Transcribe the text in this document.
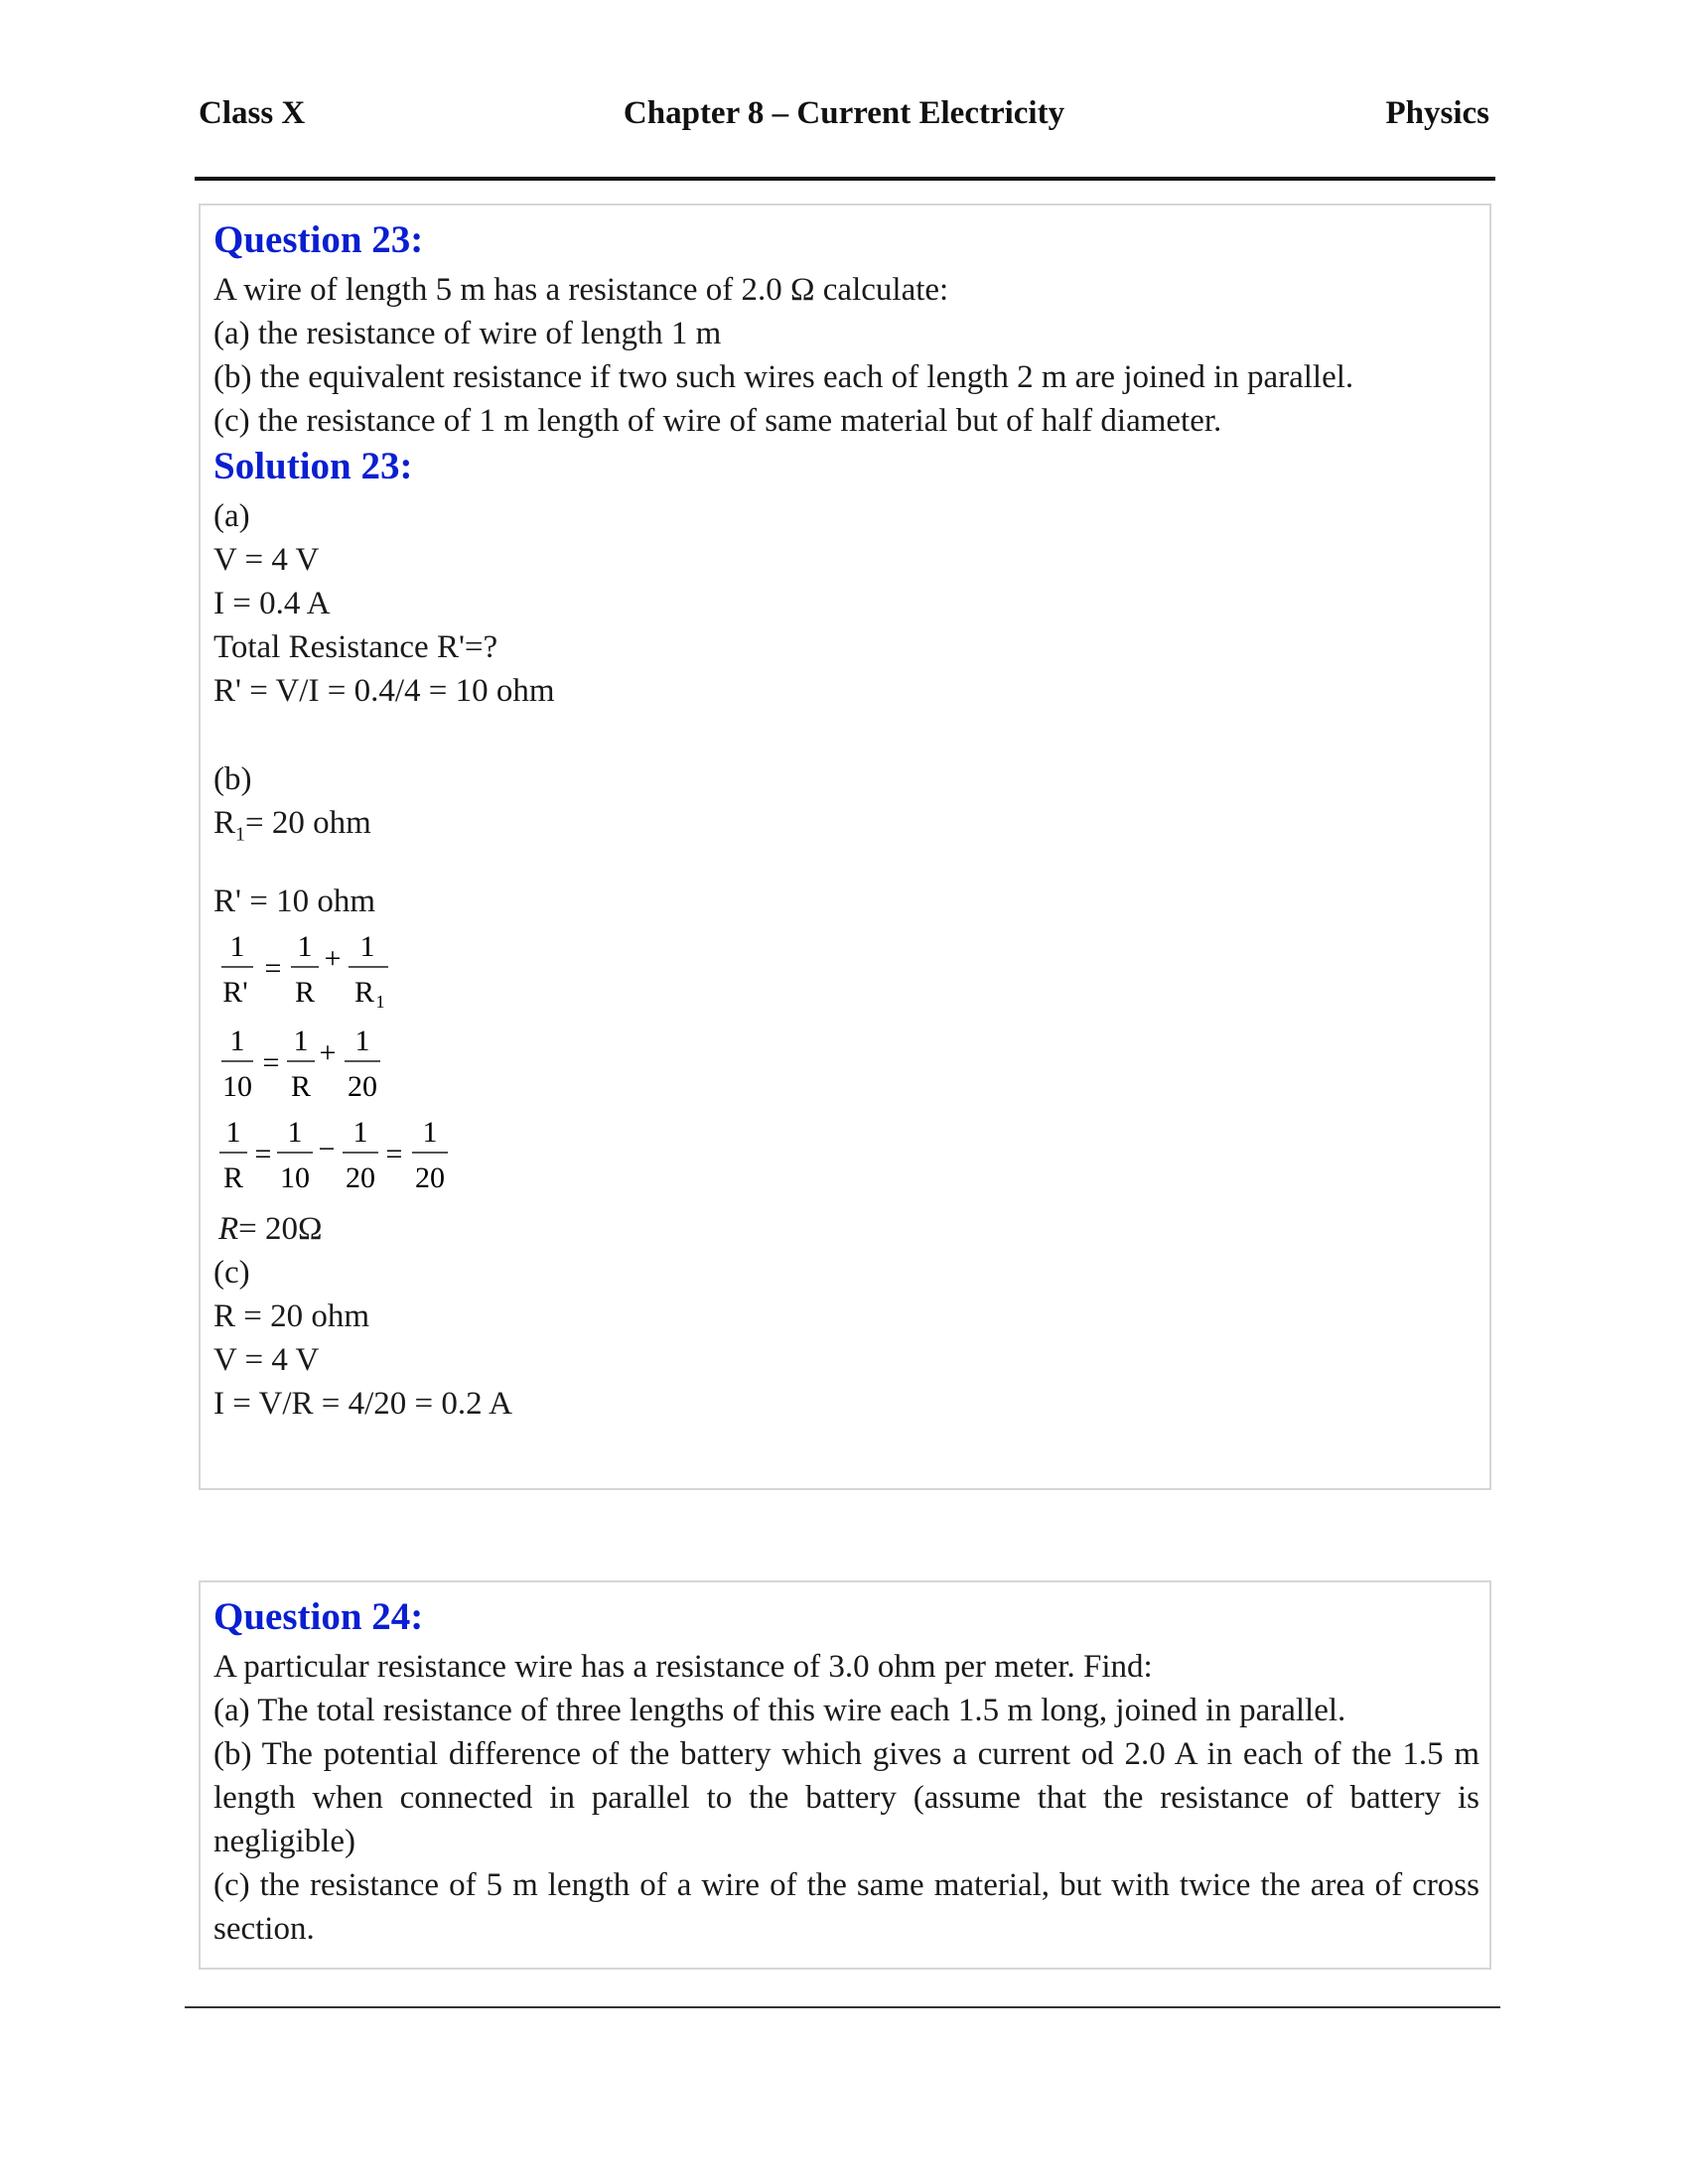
Class X	Chapter 8 – Current Electricity	Physics
Question 23:
A wire of length 5 m has a resistance of 2.0 Ω calculate:
(a) the resistance of wire of length 1 m
(b) the equivalent resistance if two such wires each of length 2 m are joined in parallel.
(c) the resistance of 1 m length of wire of same material but of half diameter.
Solution 23:
(a)
V = 4 V
I = 0.4 A
Total Resistance R'=?
R' = V/I = 0.4/4 = 10 ohm
(b)
$R_1= 20$ ohm
R' = 10 ohm
1
R'
=
1
R
+ 1
R 1
1
10
=
1
R
+ 1
20
1
R
=
1
10
−
1
20
=
1
20
R= 20Ω
(c)
R = 20 ohm
V = 4 V
I = V/R = 4/20 = 0.2 A
Question 24:
A particular resistance wire has a resistance of 3.0 ohm per meter. Find:
(a) The total resistance of three lengths of this wire each 1.5 m long, joined in parallel.
(b) The potential difference of the battery which gives a current od 2.0 A in each of the 1.5 m
length when connected in parallel to the battery (assume that the resistance of battery is
negligible)
(c) the resistance of 5 m length of a wire of the same material, but with twice the area of cross
section.
